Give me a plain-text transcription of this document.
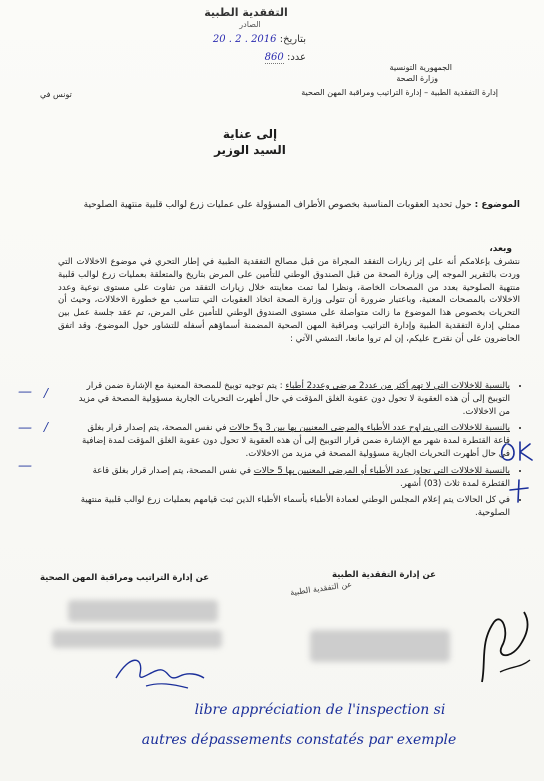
التفقدية الطبية
الصادر
بتاريخ: 2016 . 2 . 20
عدد: 860
الجمهورية التونسية
وزارة الصحة
إدارة التفقدية الطبية – إدارة التراتيب ومراقبة المهن الصحية
تونس في
إلى عناية
السيد الوزير
الموضوع : حول تحديد العقوبات المناسبة بخصوص الأطراف المسؤولة على عمليات زرع لوالب قلبية منتهية الصلوحية
وبعد،
نتشرف بإعلامكم أنه على إثر زيارات التفقد المجراة من قبل مصالح التفقدية الطبية في إطار التحري في موضوع الاخلالات التي وردت بالتقرير الموجه إلى وزارة الصحة من قبل الصندوق الوطني للتأمين على المرض بتاريخ والمتعلقة بعمليات زرع لوالب قلبية منتهية الصلوحية بعدد من المصحات الخاصة، ونظرا لما تمت معاينته خلال زيارات التفقد من تفاوت على مستوى نوعية وعدد الاخلالات بالمصحات المعنية، وباعتبار ضرورة أن تتولى وزارة الصحة اتخاذ العقوبات التي تتناسب مع خطورة الاخلالات، وحيث أن التحريات بخصوص هذا الموضوع ما زالت متواصلة على مستوى الصندوق الوطني للتأمين على المرض، تم عقد جلسة عمل بين ممثلي إدارة التفقدية الطبية وإدارة التراتيب ومراقبة المهن الصحية المضمنة أسماؤهم أسفله للتشاور حول الموضوع. وقد اتفق الحاضرون على أن نقترح عليكم، إن لم تروا مانعا، التمشي الآتي :
• بالنسبة للاخلالات التي لا تهم أكثر من عدد2 مرضى وعدد2 أطباء : يتم توجيه توبيخ للمصحة المعنية مع الإشارة ضمن قرار التوبيخ إلى أن هذه العقوبة لا تحول دون عقوبة الغلق المؤقت في حال أظهرت التحريات الجارية مسؤولية المصحة في مزيد من الاخلالات.
• بالنسبة للاخلالات التي يتراوح عدد الأطباء والمرضى المعنيين بها بين 3 و5 حالات في نفس المصحة، يتم إصدار قرار بغلق قاعة القثطرة لمدة شهر مع الإشارة ضمن قرار التوبيخ إلى أن هذه العقوبة لا تحول دون عقوبة الغلق المؤقت لمدة إضافية في حال أظهرت التحريات الجارية مسؤولية المصحة في مزيد من الاخلالات.
• بالنسبة للاخلالات التي تجاوز عدد الأطباء أو المرضى المعنيين بها 5 حالات في نفس المصحة، يتم إصدار قرار بغلق قاعة القثطرة لمدة ثلاث (03) أشهر.
• في كل الحالات يتم إعلام المجلس الوطني لعمادة الأطباء بأسماء الأطباء الذين ثبت قيامهم بعمليات زرع لوالب قلبية منتهية الصلوحية.
—
—
—
/
/
عن إدارة التفقدية الطبية
عن إدارة التراتيب ومراقبة المهن الصحية
عن التفقدية الطبية
libre appréciation de l'inspection si
autres dépassements constatés par exemple
